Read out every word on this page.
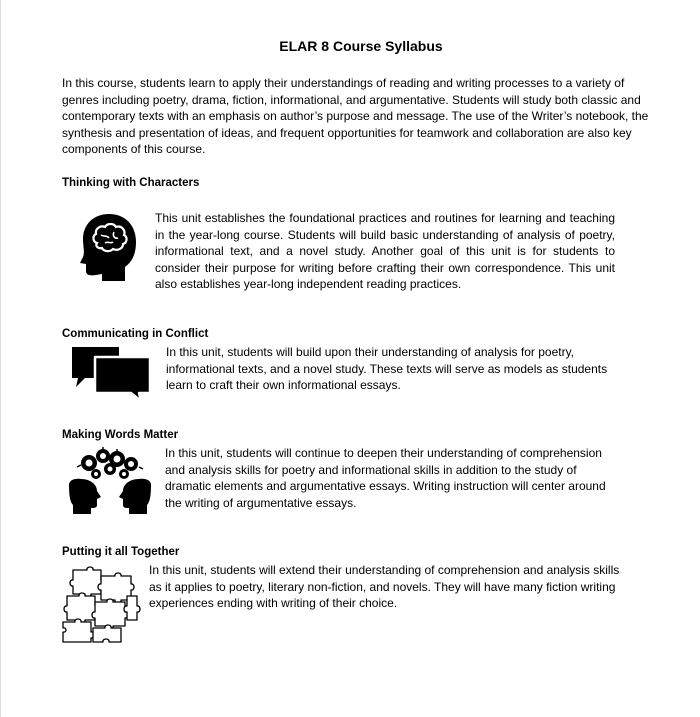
ELAR 8 Course Syllabus
In this course, students learn to apply their understandings of reading and writing processes to a variety of genres including poetry, drama, fiction, informational, and argumentative. Students will study both classic and contemporary texts with an emphasis on author’s purpose and message. The use of the Writer’s notebook, the synthesis and presentation of ideas, and frequent opportunities for teamwork and collaboration are also key components of this course.
Thinking with Characters
This unit establishes the foundational practices and routines for learning and teaching in the year-long course. Students will build basic understanding of analysis of poetry, informational text, and a novel study. Another goal of this unit is for students to consider their purpose for writing before crafting their own correspondence. This unit also establishes year-long independent reading practices.
Communicating in Conflict
In this unit, students will build upon their understanding of analysis for poetry, informational texts, and a novel study. These texts will serve as models as students learn to craft their own informational essays.
Making Words Matter
In this unit, students will continue to deepen their understanding of comprehension and analysis skills for poetry and informational skills in addition to the study of dramatic elements and argumentative essays. Writing instruction will center around the writing of argumentative essays.
Putting it all Together
In this unit, students will extend their understanding of comprehension and analysis skills as it applies to poetry, literary non-fiction, and novels. They will have many fiction writing experiences ending with writing of their choice.
